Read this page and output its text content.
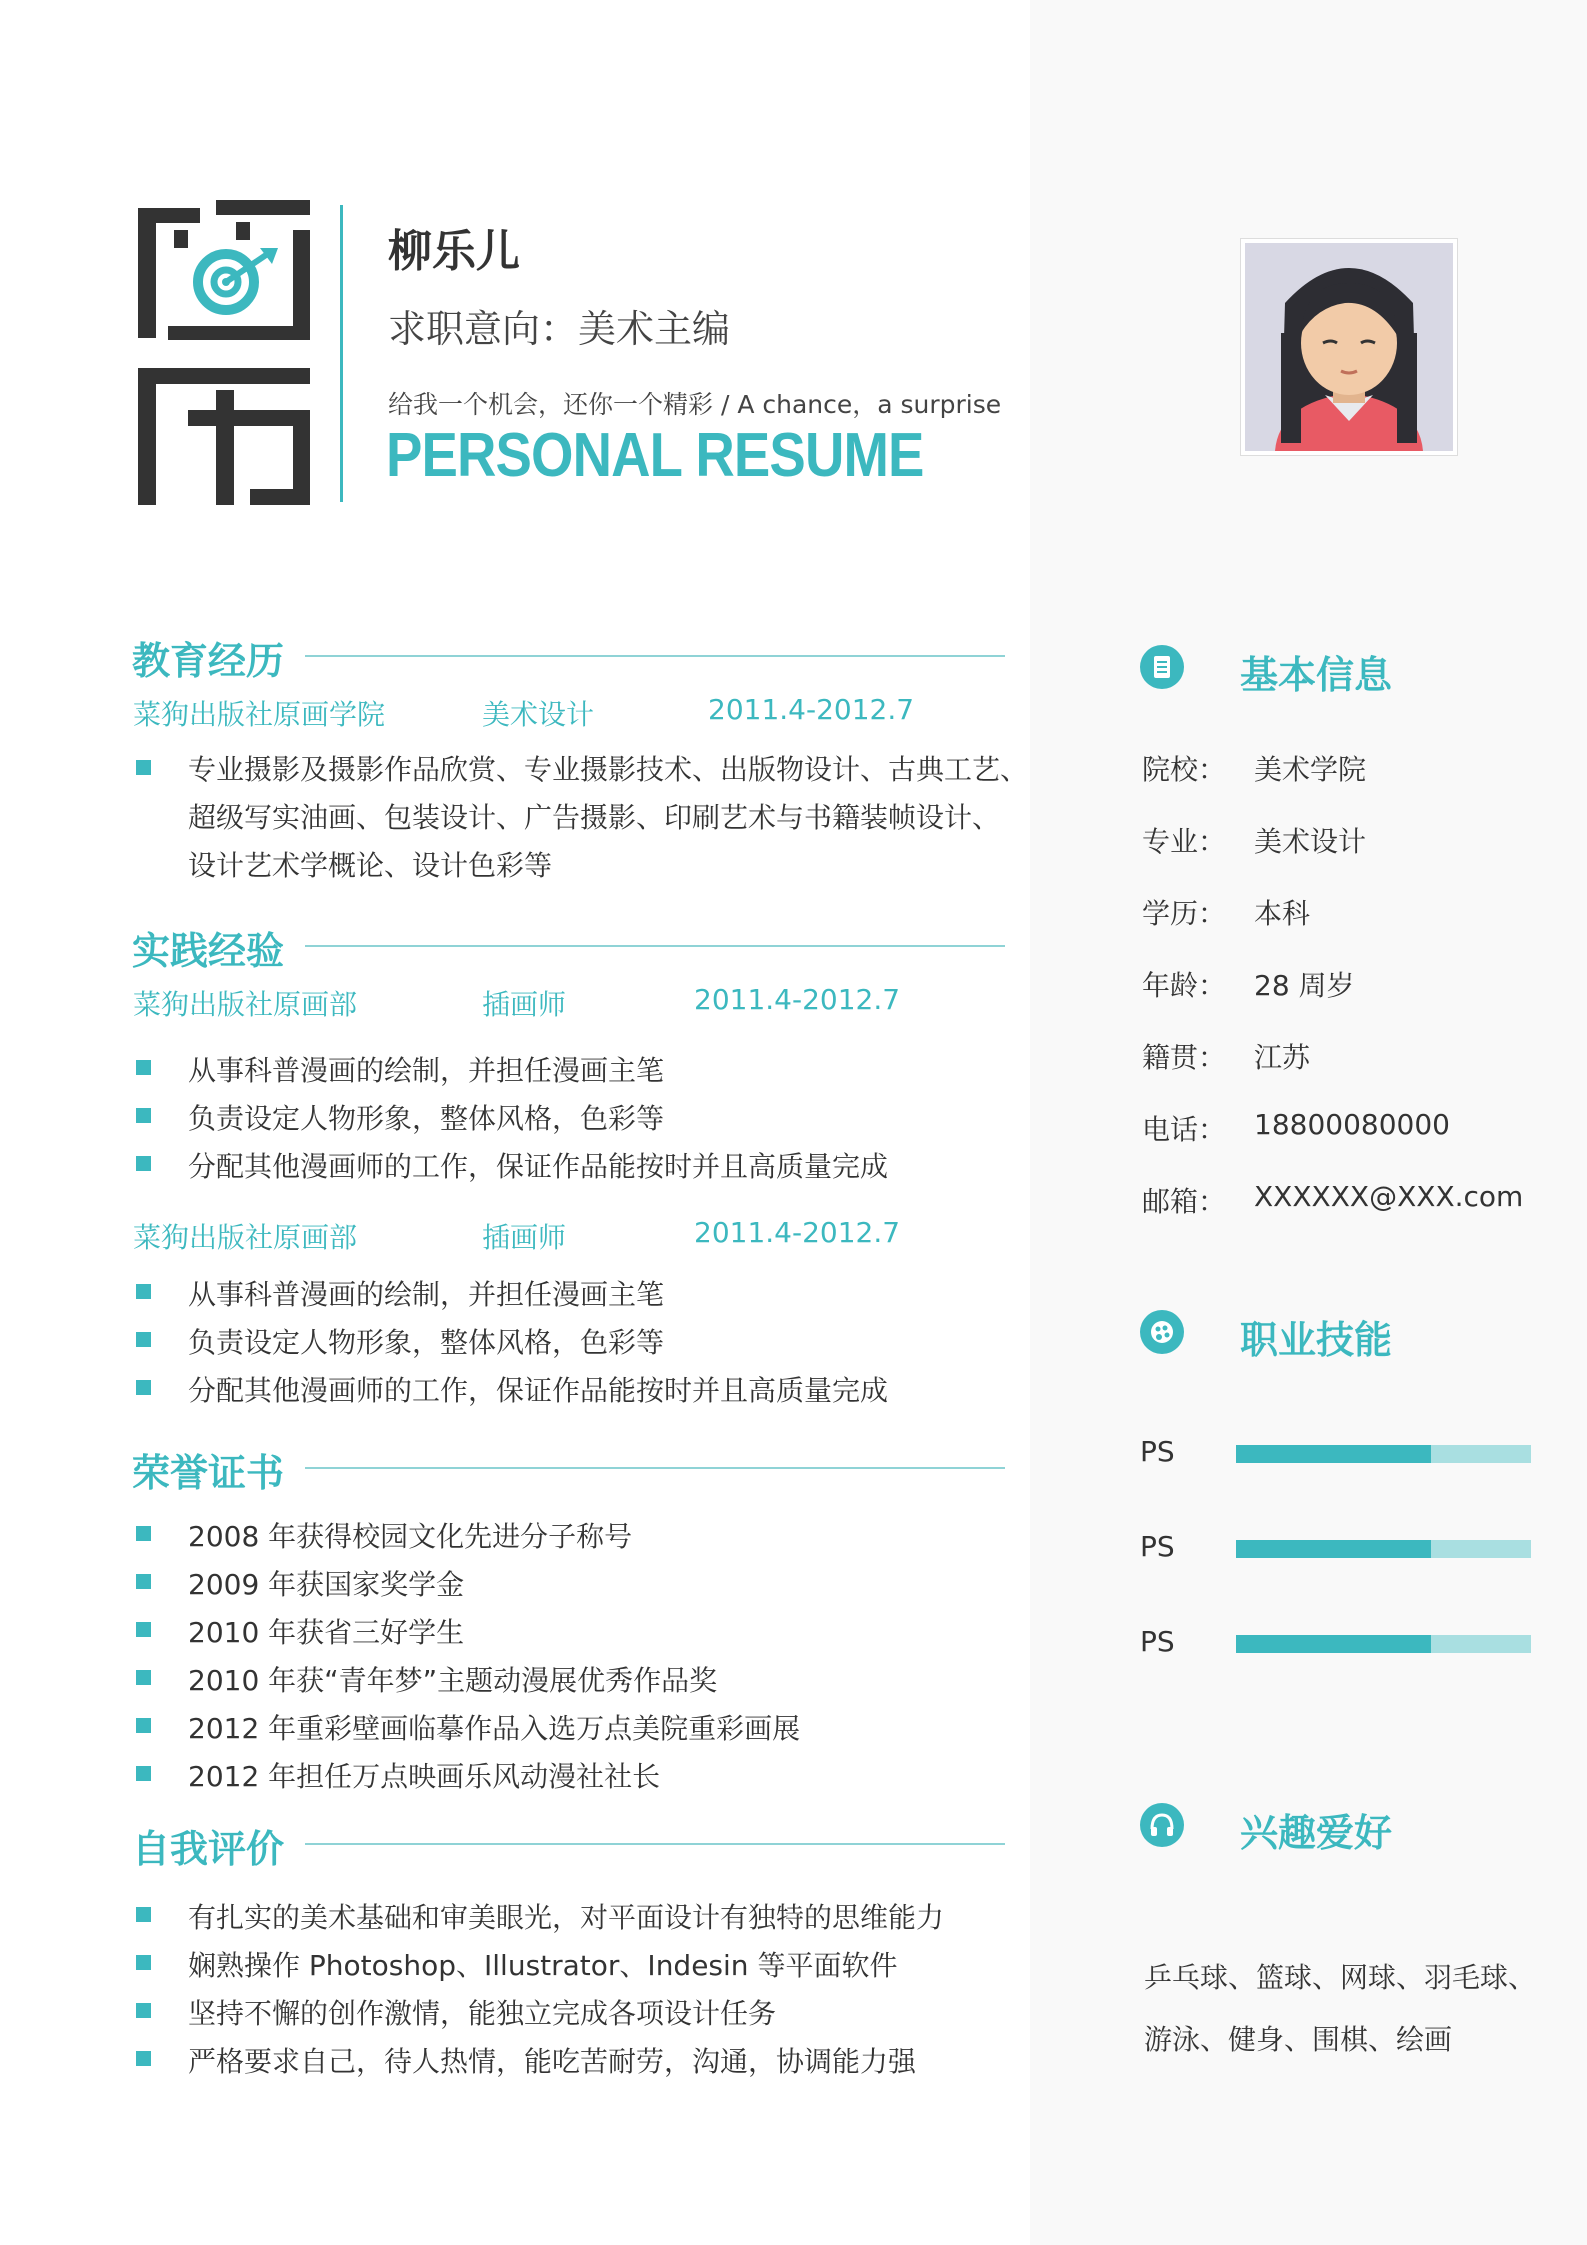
柳乐儿
求职意向：美术主编
给我一个机会，还你一个精彩 / A chance，a surprise
PERSONAL RESUME
教育经历
菜狗出版社原画学院	美术设计	2011.4-2012.7
专业摄影及摄影作品欣赏、专业摄影技术、出版物设计、古典工艺、
超级写实油画、包装设计、广告摄影、印刷艺术与书籍装帧设计、
设计艺术学概论、设计色彩等
实践经验
菜狗出版社原画部	插画师	2011.4-2012.7
从事科普漫画的绘制，并担任漫画主笔
负责设定人物形象，整体风格，色彩等
分配其他漫画师的工作，保证作品能按时并且高质量完成
菜狗出版社原画部	插画师	2011.4-2012.7
从事科普漫画的绘制，并担任漫画主笔
负责设定人物形象，整体风格，色彩等
分配其他漫画师的工作，保证作品能按时并且高质量完成
荣誉证书
2008 年获得校园文化先进分子称号
2009 年获国家奖学金
2010 年获省三好学生
2010 年获“青年梦”主题动漫展优秀作品奖
2012 年重彩壁画临摹作品入选万点美院重彩画展
2012 年担任万点映画乐风动漫社社长
自我评价
有扎实的美术基础和审美眼光，对平面设计有独特的思维能力
娴熟操作 Photoshop、Illustrator、Indesin 等平面软件
坚持不懈的创作激情，能独立完成各项设计任务
严格要求自己，待人热情，能吃苦耐劳，沟通，协调能力强
基本信息
院校： 美术学院
专业： 美术设计
学历： 本科
年龄： 28 周岁
籍贯： 江苏
电话： 18800080000
邮箱： XXXXXX@XXX.com
职业技能
PS
PS
PS
兴趣爱好
乒乓球、篮球、网球、羽毛球、
游泳、健身、围棋、绘画
